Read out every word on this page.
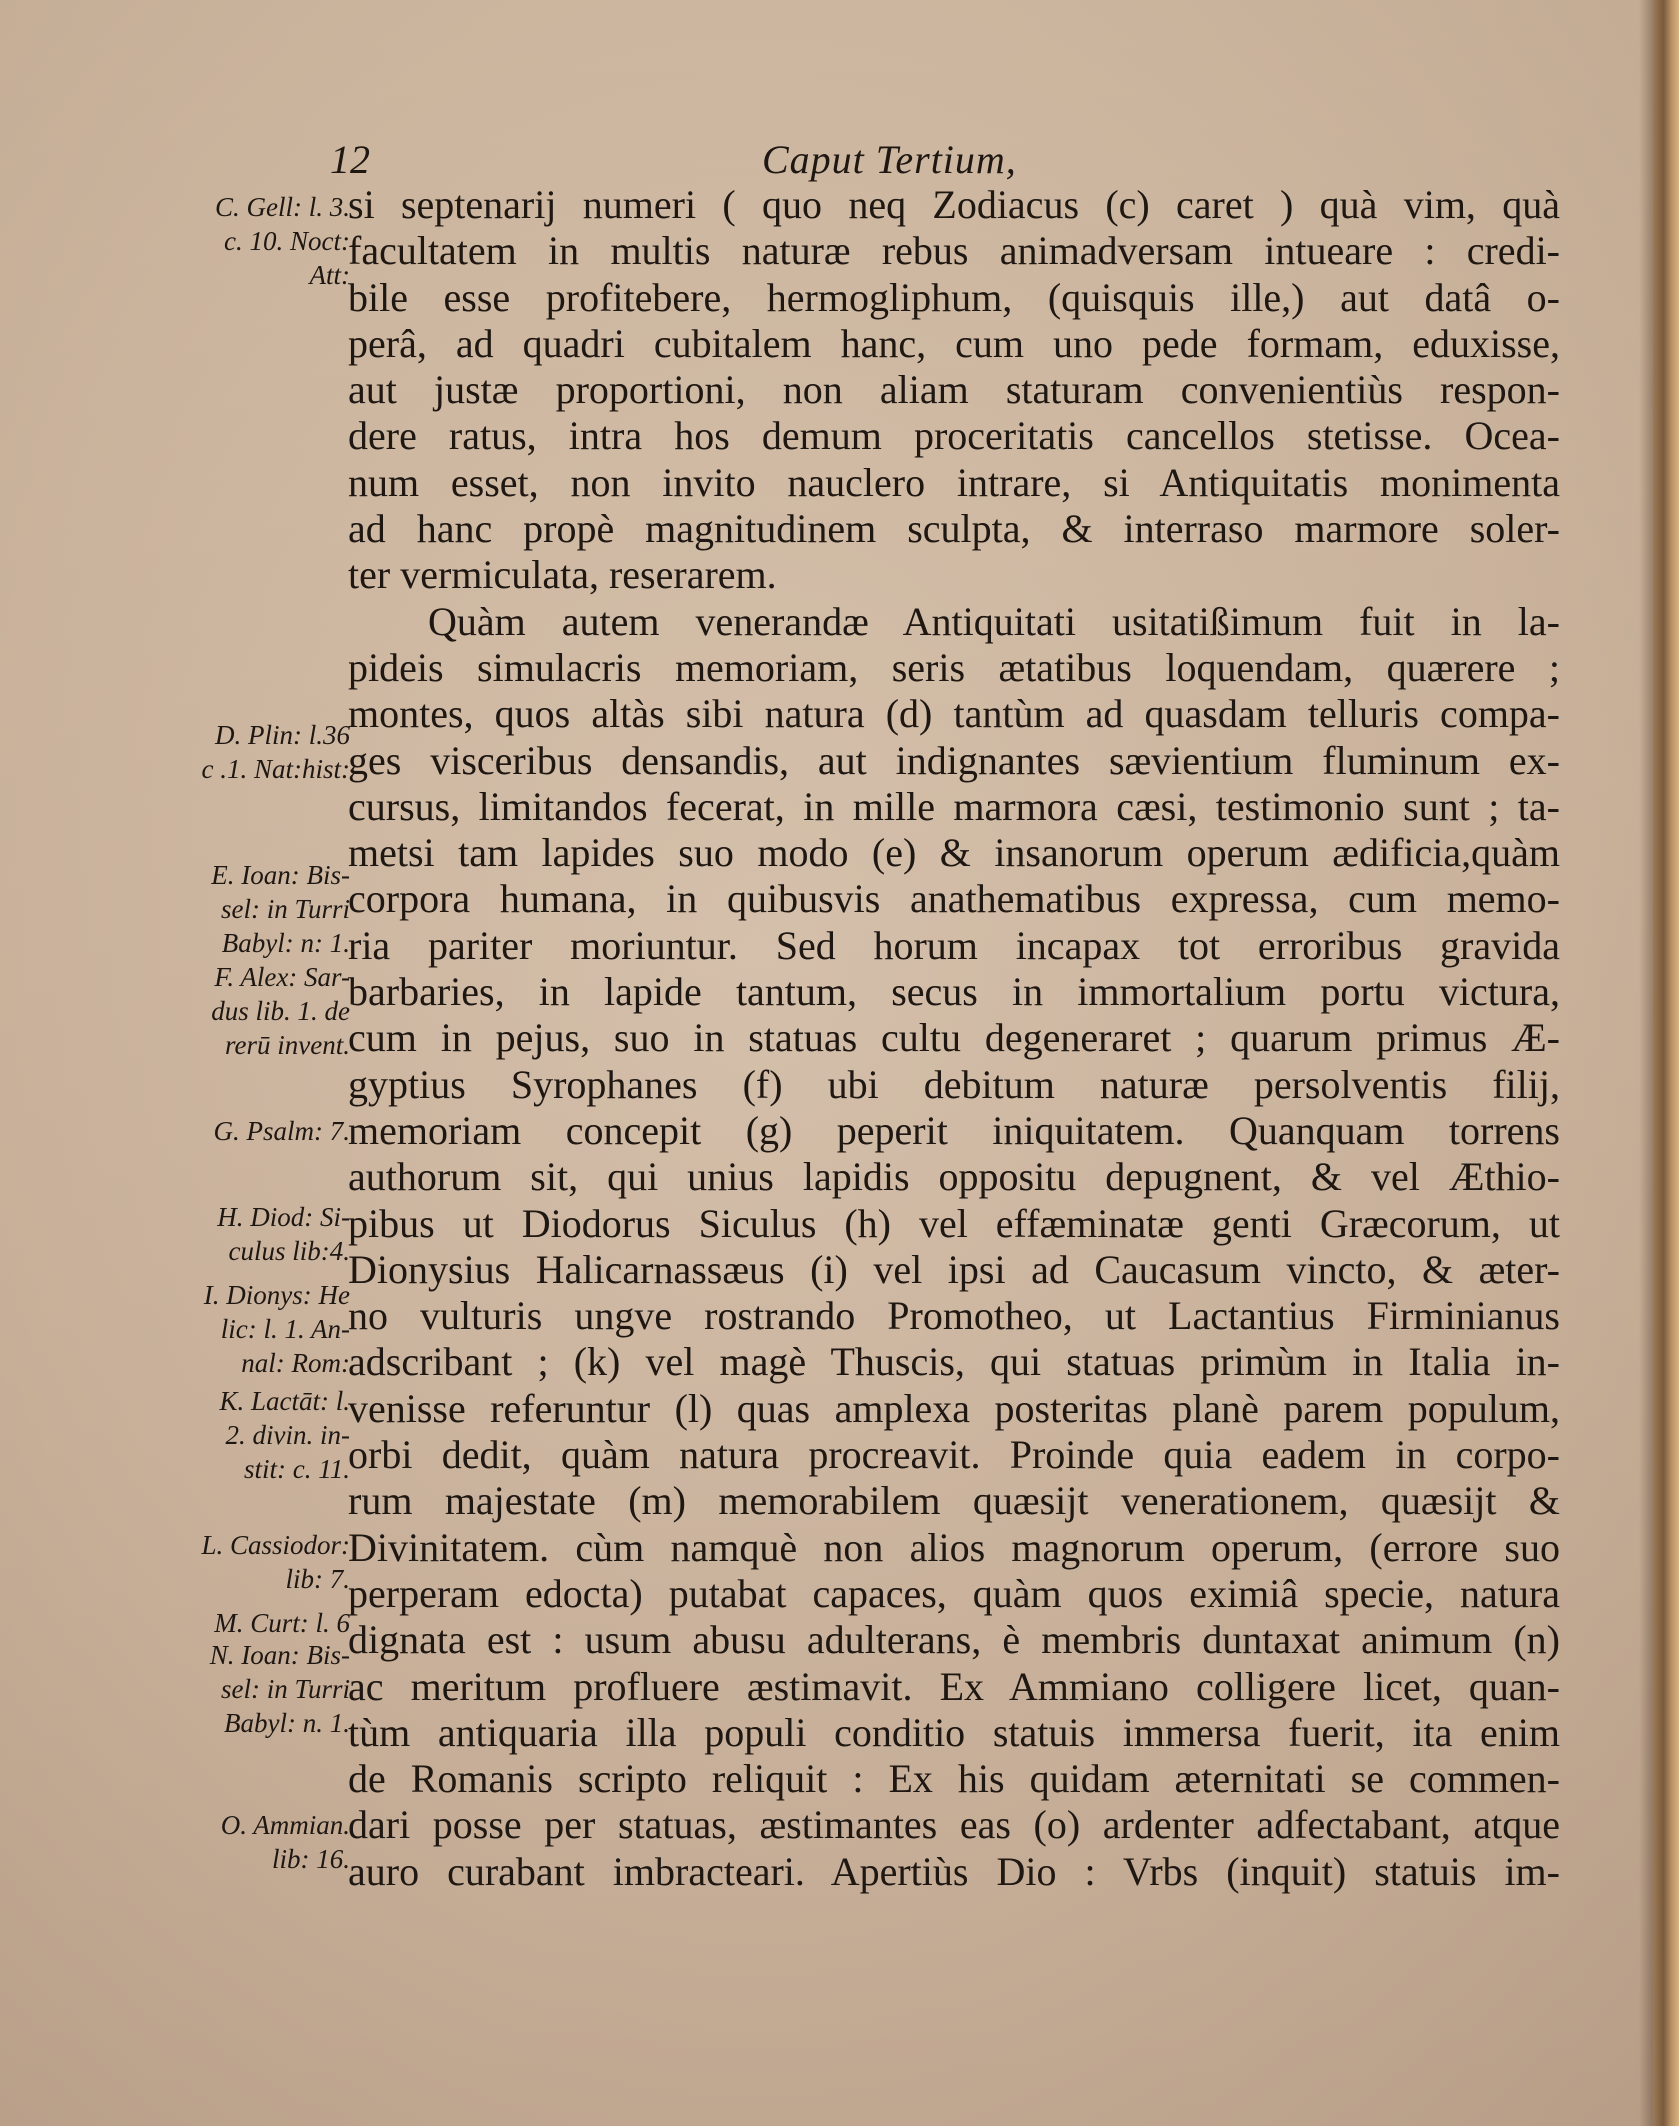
12	Caput Tertium,
C. Gell: l. 3.
c. 10. Noct:
Att:
D. Plin: l.36
c .1. Nat:hist:
E. Ioan: Bis-
sel: in Turri
Babyl: n: 1.
F. Alex: Sar-
dus lib. 1. de
rerū invent.
G. Psalm: 7.
H. Diod: Si-
culus lib:4.
I. Dionys: He
lic: l. 1. An-
nal: Rom:
K. Lactāt: l.
2. divin. in-
stit: c. 11.
L. Cassiodor:
lib: 7.
M. Curt: l. 6
N. Ioan: Bis-
sel: in Turri
Babyl: n. 1.
O. Ammian.
lib: 16.
si septenarij numeri ( quo neq Zodiacus (c) caret ) quà vim, quà
facultatem in multis naturæ rebus animadversam intueare : credi-
bile esse profitebere, hermogliphum, (quisquis ille,) aut datâ o-
perâ, ad quadri cubitalem hanc, cum uno pede formam, eduxisse,
aut justæ proportioni, non aliam staturam convenientiùs respon-
dere ratus, intra hos demum proceritatis cancellos stetisse. Ocea-
num esset, non invito nauclero intrare, si Antiquitatis monimenta
ad hanc propè magnitudinem sculpta, & interraso marmore soler-
ter vermiculata, reserarem.
Quàm autem venerandæ Antiquitati usitatißimum fuit in la-
pideis simulacris memoriam, seris ætatibus loquendam, quærere ;
montes, quos altàs sibi natura (d) tantùm ad quasdam telluris compa-
ges visceribus densandis, aut indignantes sævientium fluminum ex-
cursus, limitandos fecerat, in mille marmora cæsi, testimonio sunt ; ta-
metsi tam lapides suo modo (e) & insanorum operum ædificia,quàm
corpora humana, in quibusvis anathematibus expressa, cum memo-
ria pariter moriuntur. Sed horum incapax tot erroribus gravida
barbaries, in lapide tantum, secus in immortalium portu victura,
cum in pejus, suo in statuas cultu degeneraret ; quarum primus Æ-
gyptius Syrophanes (f) ubi debitum naturæ persolventis filij,
memoriam concepit (g) peperit iniquitatem. Quanquam torrens
authorum sit, qui unius lapidis oppositu depugnent, & vel Æthio-
pibus ut Diodorus Siculus (h) vel effæminatæ genti Græcorum, ut
Dionysius Halicarnassæus (i) vel ipsi ad Caucasum vincto, & æter-
no vulturis ungve rostrando Promotheo, ut Lactantius Firminianus
adscribant ; (k) vel magè Thuscis, qui statuas primùm in Italia in-
venisse referuntur (l) quas amplexa posteritas planè parem populum,
orbi dedit, quàm natura procreavit. Proinde quia eadem in corpo-
rum majestate (m) memorabilem quæsijt venerationem, quæsijt &
Divinitatem. cùm namquè non alios magnorum operum, (errore suo
perperam edocta) putabat capaces, quàm quos eximiâ specie, natura
dignata est : usum abusu adulterans, è membris duntaxat animum (n)
ac meritum profluere æstimavit. Ex Ammiano colligere licet, quan-
tùm antiquaria illa populi conditio statuis immersa fuerit, ita enim
de Romanis scripto reliquit : Ex his quidam æternitati se commen-
dari posse per statuas, æstimantes eas (o) ardenter adfectabant, atque
auro curabant imbracteari. Apertiùs Dio : Vrbs (inquit) statuis im-
